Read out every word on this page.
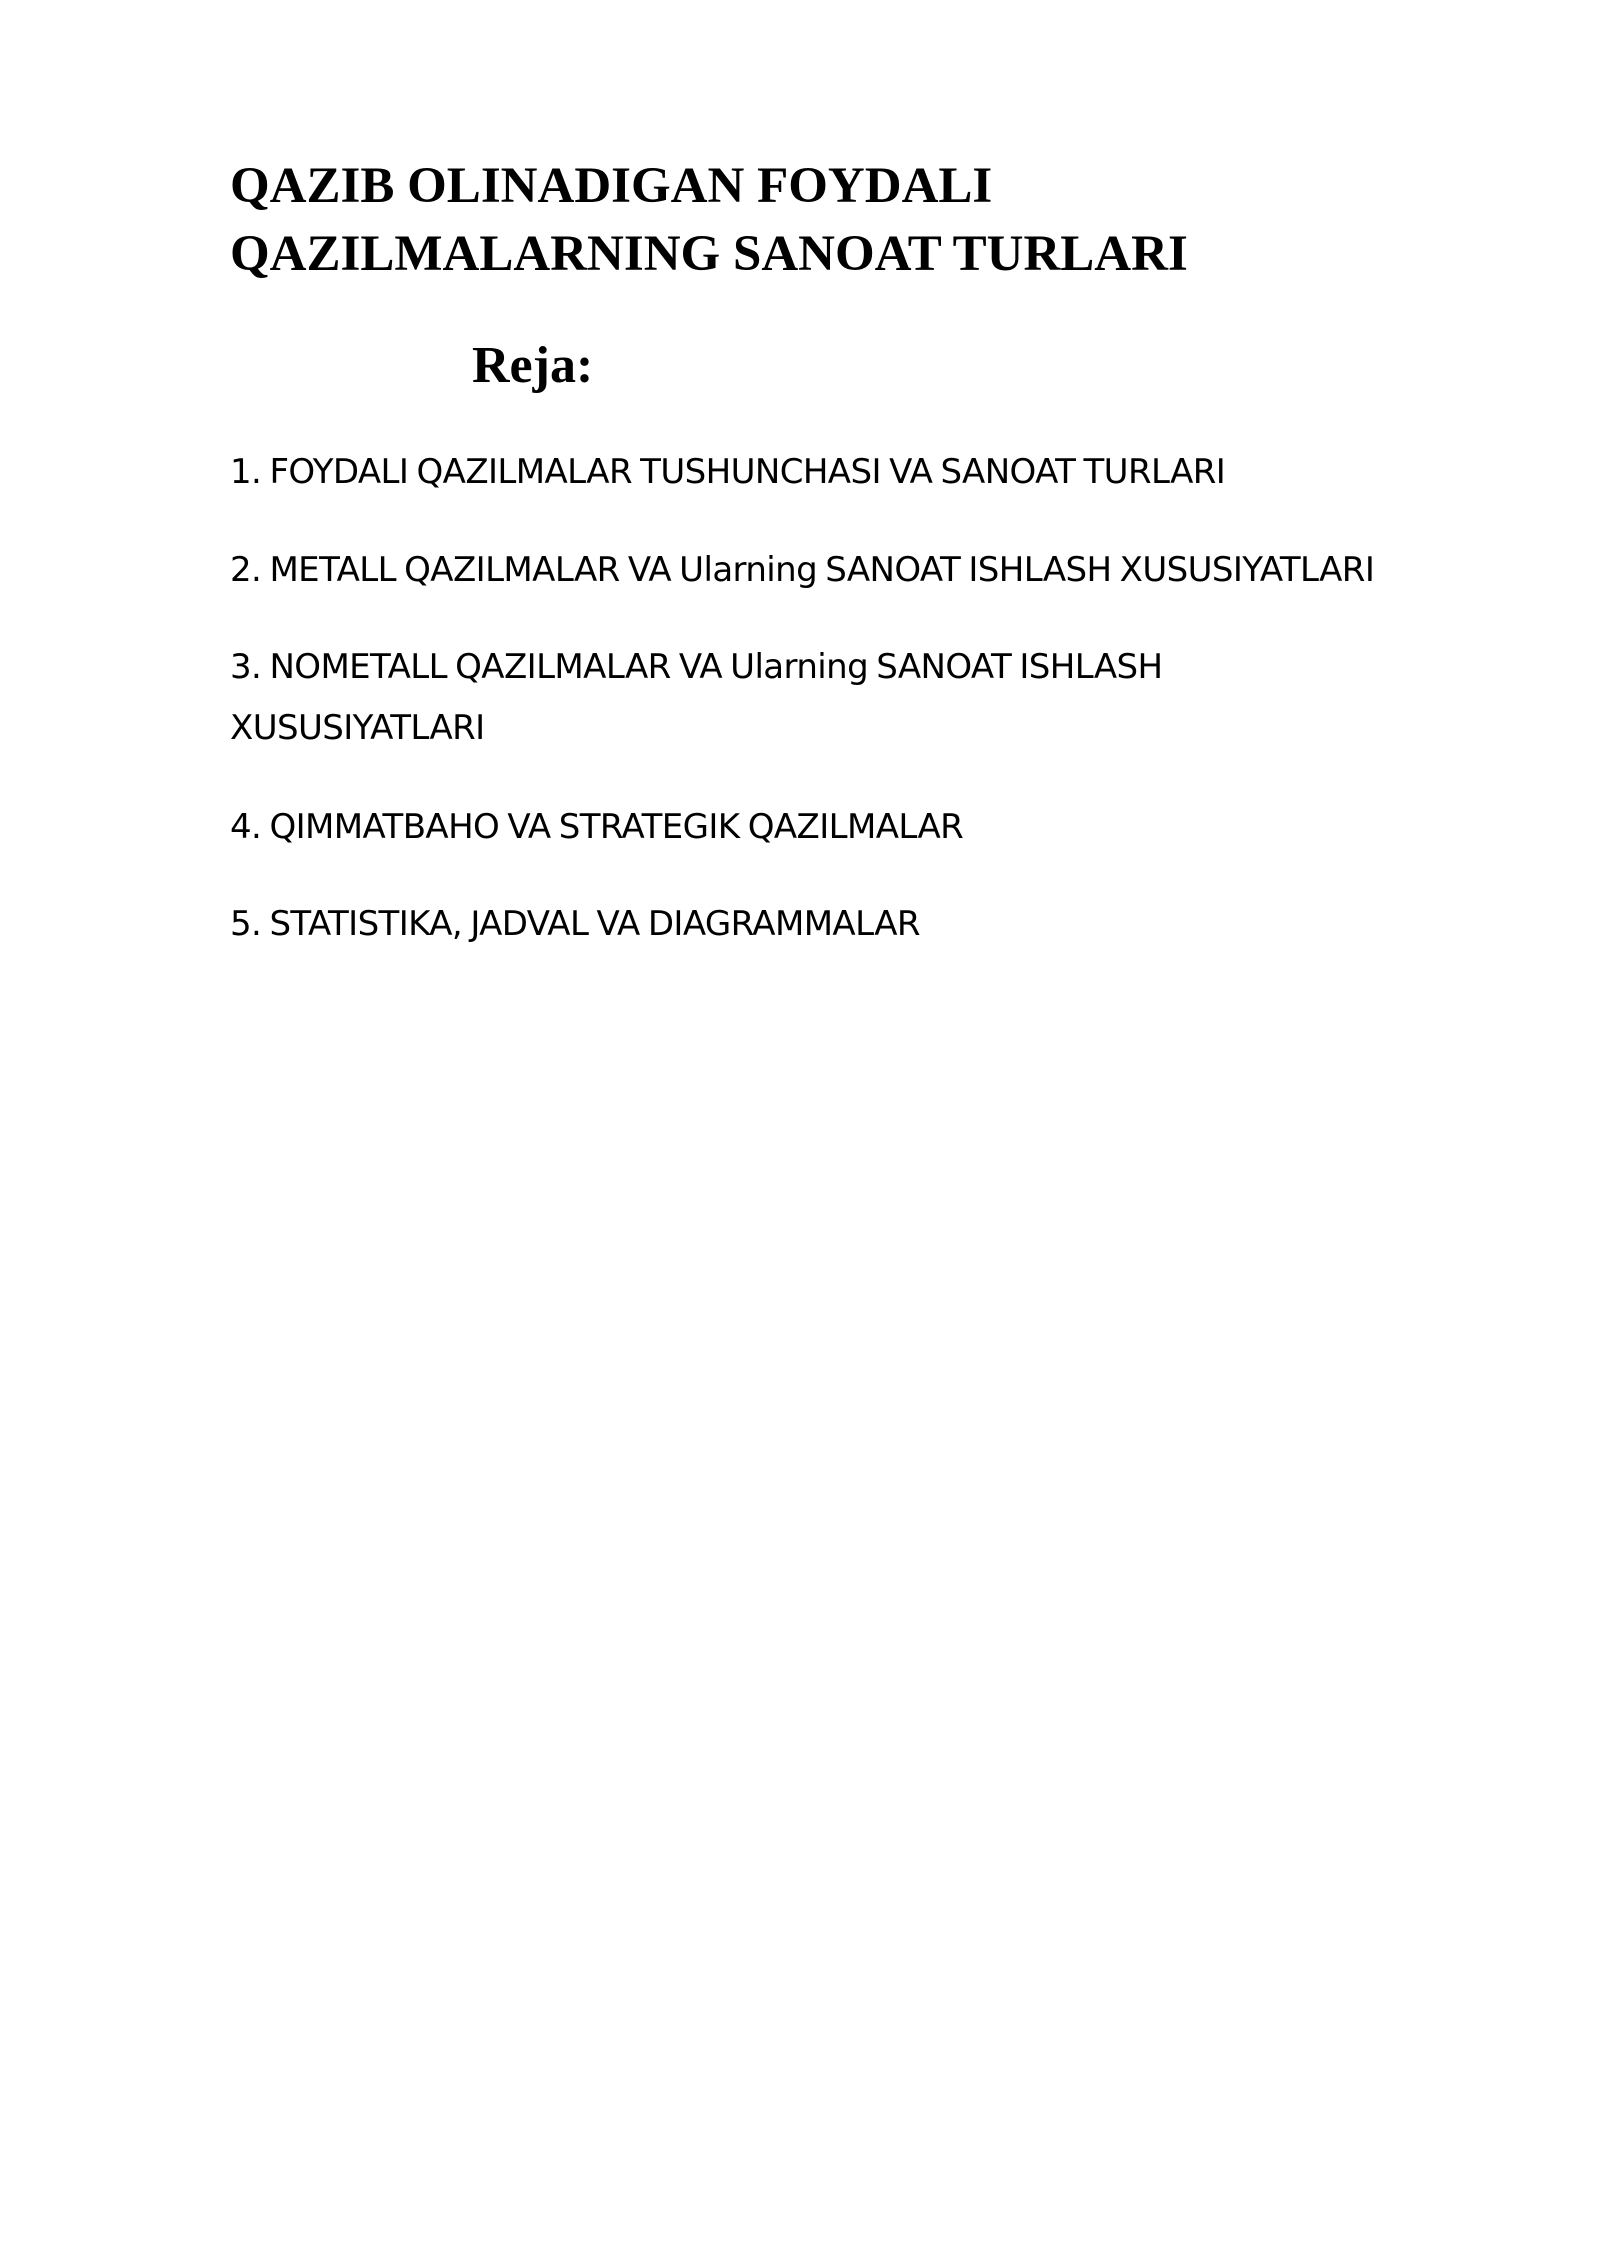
QAZIB OLINADIGAN FOYDALI QAZILMALARNING SANOAT TURLARI
Reja:
1. FOYDALI QAZILMALAR TUSHUNCHASI VA SANOAT TURLARI
2. METALL QAZILMALAR VA Ularning SANOAT ISHLASH XUSUSIYATLARI
3. NOMETALL QAZILMALAR VA Ularning SANOAT ISHLASH XUSUSIYATLARI
4. QIMMATBAHO VA STRATEGIK QAZILMALAR
5. STATISTIKA, JADVAL VA DIAGRAMMALAR
